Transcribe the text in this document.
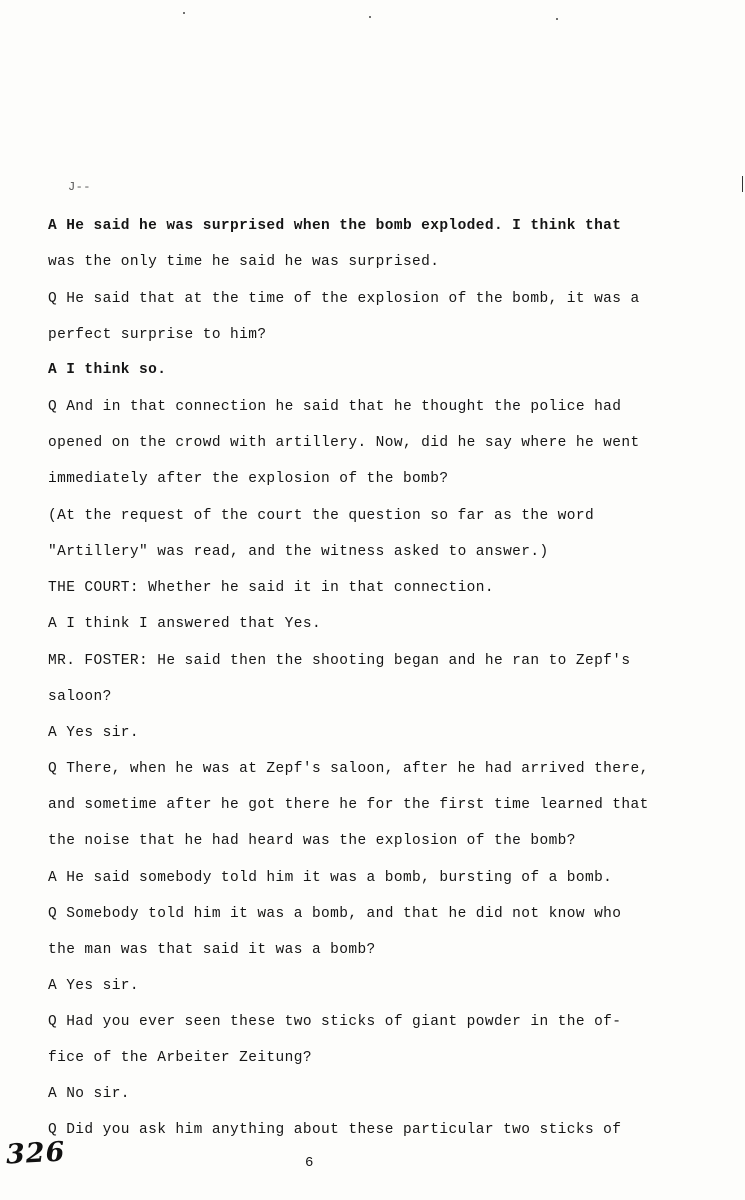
J--
A He said he was surprised when the bomb exploded. I think that
was the only time he said he was surprised.
Q He said that at the time of the explosion of the bomb, it was a
perfect surprise to him?
A I think so.
Q And in that connection he said that he thought the police had
opened on the crowd with artillery. Now, did he say where he went
immediately after the explosion of the bomb?
(At the request of the court the question so far as the word
"Artillery" was read, and the witness asked to answer.)
THE COURT: Whether he said it in that connection.
A I think I answered that Yes.
MR. FOSTER: He said then the shooting began and he ran to Zepf's
saloon?
A Yes sir.
Q There, when he was at Zepf's saloon, after he had arrived there,
and sometime after he got there he for the first time learned that
the noise that he had heard was the explosion of the bomb?
A He said somebody told him it was a bomb, bursting of a bomb.
Q Somebody told him it was a bomb, and that he did not know who
the man was that said it was a bomb?
A Yes sir.
Q Had you ever seen these two sticks of giant powder in the of-
fice of the Arbeiter Zeitung?
A No sir.
Q Did you ask him anything about these particular two sticks of
326	6
